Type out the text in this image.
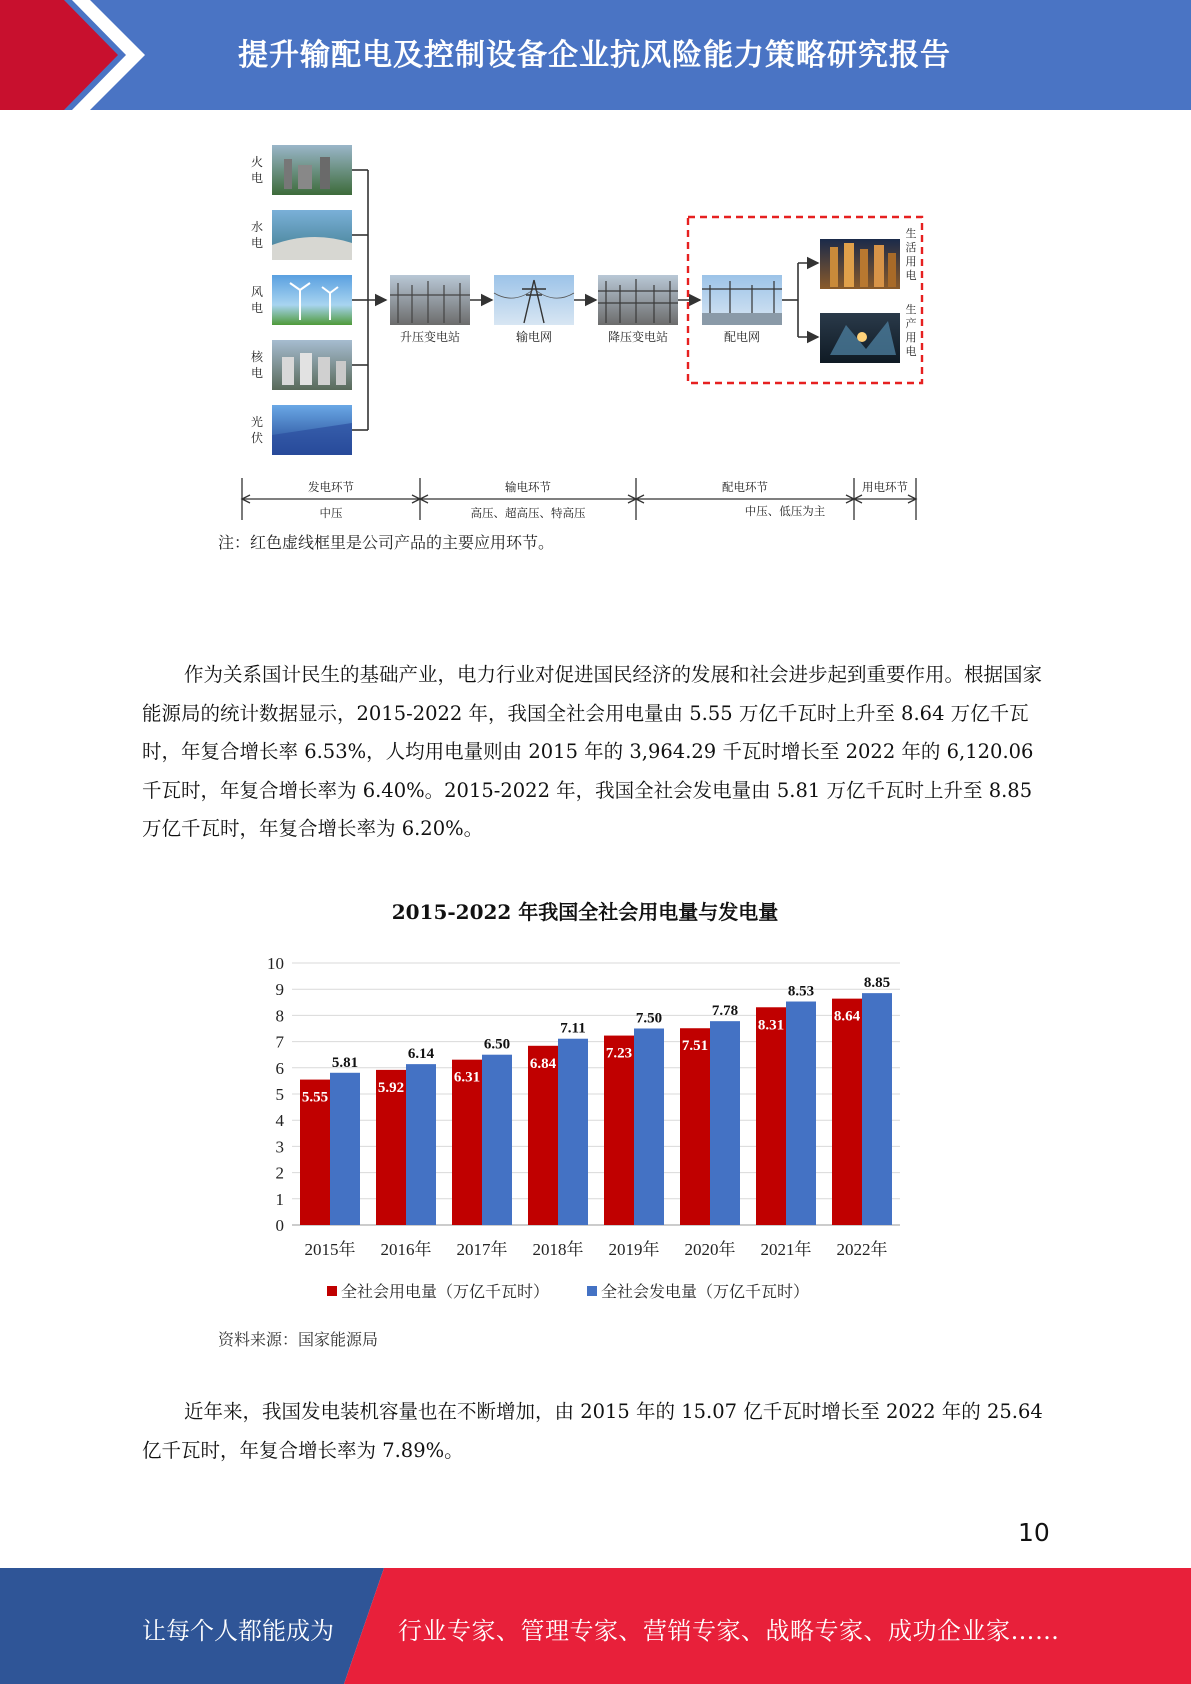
提升输配电及控制设备企业抗风险能力策略研究报告
火电
水电
风电
核电
光伏
升压变电站	输电网	降压变电站	配电网
生活用电
生产用电
发电环节	输电环节	配电环节	用电环节
中压	高压、超高压、特高压	中压、低压为主
注：红色虚线框里是公司产品的主要应用环节。

作为关系国计民生的基础产业，电力行业对促进国民经济的发展和社会进步起到重要作用。根据国家能源局的统计数据显示，2015-2022 年，我国全社会用电量由 5.55 万亿千瓦时上升至 8.64 万亿千瓦时，年复合增长率 6.53%，人均用电量则由 2015 年的 3,964.29 千瓦时增长至 2022 年的 6,120.06 千瓦时，年复合增长率为 6.40%。2015-2022 年，我国全社会发电量由 5.81 万亿千瓦时上升至 8.85 万亿千瓦时，年复合增长率为 6.20%。

2015-2022 年我国全社会用电量与发电量
0
1
2
3
4
5
6
7
8
9
10
5.55
5.81
5.92
6.14
6.31
6.50
6.84
7.11
7.23
7.50
7.51
7.78
8.31
8.53
8.64
8.85
2015年 2016年 2017年 2018年 2019年 2020年 2021年 2022年
全社会用电量（万亿千瓦时）	全社会发电量（万亿千瓦时）
资料来源：国家能源局

近年来，我国发电装机容量也在不断增加，由 2015 年的 15.07 亿千瓦时增长至 2022 年的 25.64 亿千瓦时，年复合增长率为 7.89%。

10
让每个人都能成为	行业专家、管理专家、营销专家、战略专家、成功企业家……
